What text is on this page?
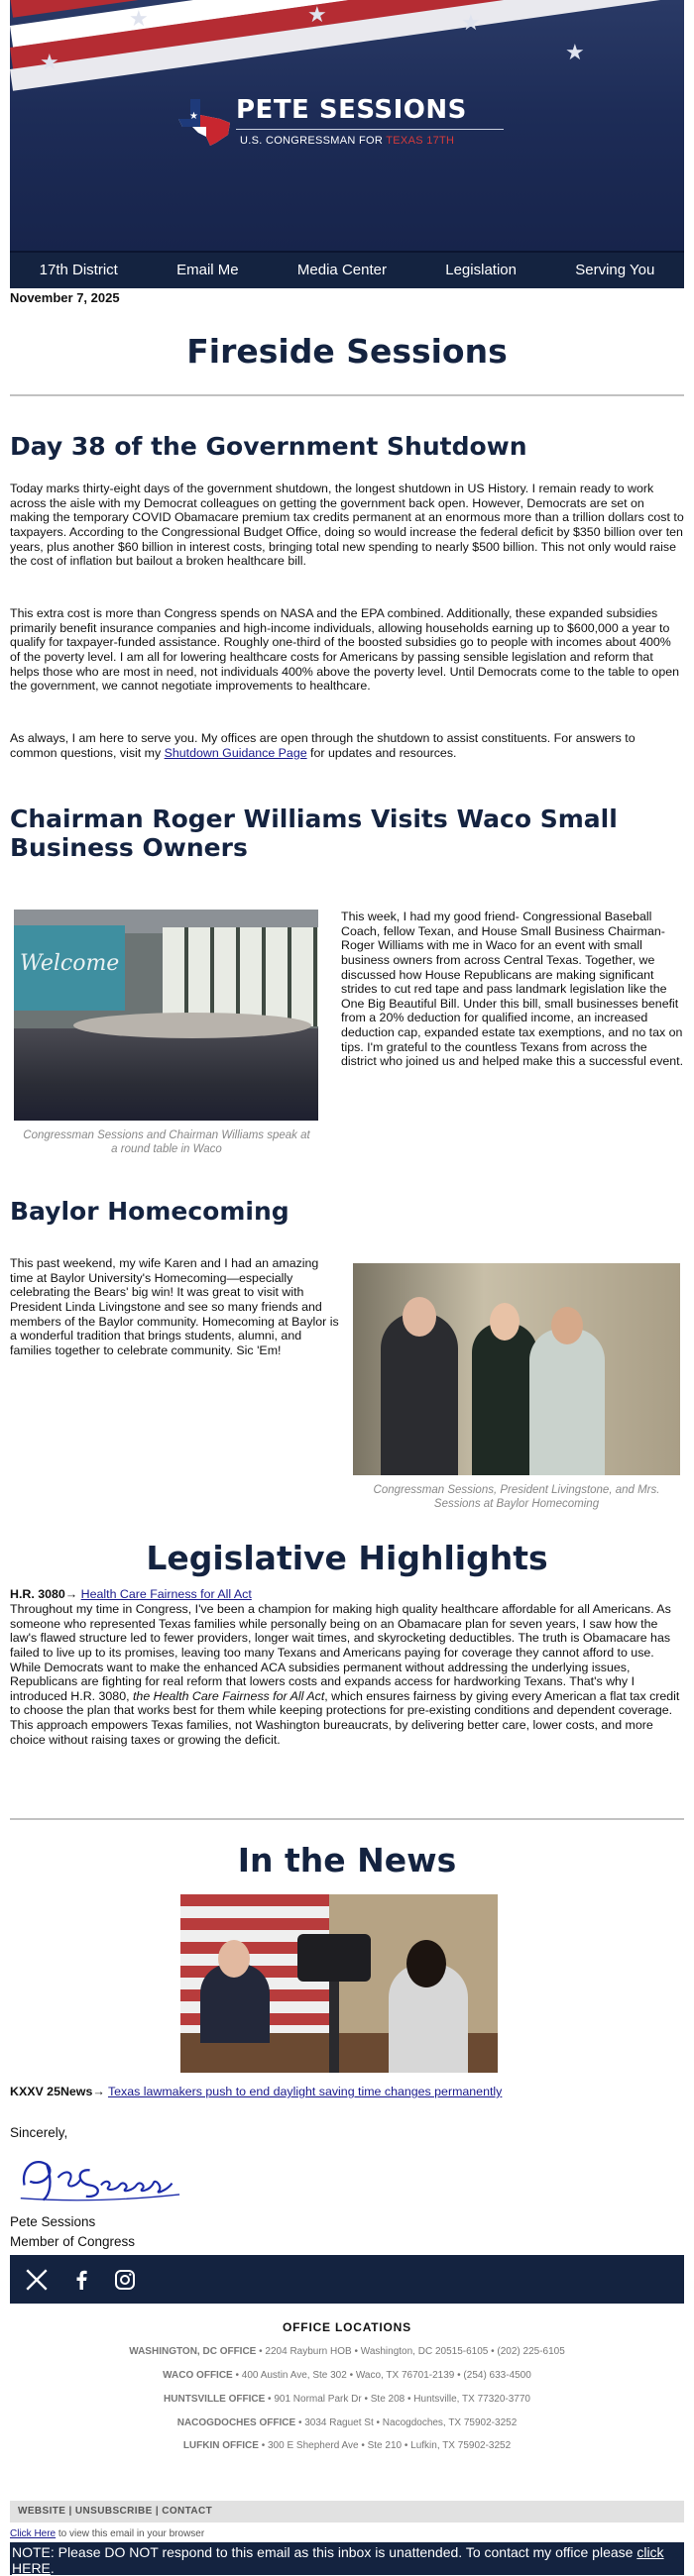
★	★	★
★
★
★ PETE SESSIONS
U.S. CONGRESSMAN FOR TEXAS 17TH
17th District	Email Me	Media Center	Legislation	Serving You
November 7, 2025
Fireside Sessions
Day 38 of the Government Shutdown

Today marks thirty-eight days of the government shutdown, the longest shutdown in US History. I remain ready to work across the aisle with my Democrat colleagues on getting the government back open. However, Democrats are set on making the temporary COVID Obamacare premium tax credits permanent at an enormous more than a trillion dollars cost to taxpayers. According to the Congressional Budget Office, doing so would increase the federal deficit by $350 billion over ten years, plus another $60 billion in interest costs, bringing total new spending to nearly $500 billion. This not only would raise the cost of inflation but bailout a broken healthcare bill.

This extra cost is more than Congress spends on NASA and the EPA combined. Additionally, these expanded subsidies primarily benefit insurance companies and high-income individuals, allowing households earning up to $600,000 a year to qualify for taxpayer-funded assistance. Roughly one-third of the boosted subsidies go to people with incomes about 400% of the poverty level. I am all for lowering healthcare costs for Americans by passing sensible legislation and reform that helps those who are most in need, not individuals 400% above the poverty level. Until Democrats come to the table to open the government, we cannot negotiate improvements to healthcare.

As always, I am here to serve you. My offices are open through the shutdown to assist constituents. For answers to common questions, visit my Shutdown Guidance Page for updates and resources.

Chairman Roger Williams Visits Waco Small Business Owners
Welcome
Congressman Sessions and Chairman Williams speak at a round table in Waco

This week, I had my good friend- Congressional Baseball Coach, fellow Texan, and House Small Business Chairman- Roger Williams with me in Waco for an event with small business owners from across Central Texas. Together, we discussed how House Republicans are making significant strides to cut red tape and pass landmark legislation like the One Big Beautiful Bill. Under this bill, small businesses benefit from a 20% deduction for qualified income, an increased deduction cap, expanded estate tax exemptions, and no tax on tips. I'm grateful to the countless Texans from across the district who joined us and helped make this a successful event.

Baylor Homecoming

This past weekend, my wife Karen and I had an amazing time at Baylor University's Homecoming—especially celebrating the Bears' big win! It was great to visit with President Linda Livingstone and see so many friends and members of the Baylor community. Homecoming at Baylor is a wonderful tradition that brings students, alumni, and families together to celebrate community. Sic 'Em!

Congressman Sessions, President Livingstone, and Mrs. Sessions at Baylor Homecoming
Legislative Highlights

H.R. 3080→ Health Care Fairness for All Act

Throughout my time in Congress, I've been a champion for making high quality healthcare affordable for all Americans. As someone who represented Texas families while personally being on an Obamacare plan for seven years, I saw how the law's flawed structure led to fewer providers, longer wait times, and skyrocketing deductibles. The truth is Obamacare has failed to live up to its promises, leaving too many Texans and Americans paying for coverage they cannot afford to use. While Democrats want to make the enhanced ACA subsidies permanent without addressing the underlying issues, Republicans are fighting for real reform that lowers costs and expands access for hardworking Texans. That's why I introduced H.R. 3080, the Health Care Fairness for All Act, which ensures fairness by giving every American a flat tax credit to choose the plan that works best for them while keeping protections for pre-existing conditions and dependent coverage. This approach empowers Texas families, not Washington bureaucrats, by delivering better care, lower costs, and more choice without raising taxes or growing the deficit.

In the News

KXXV 25News→ Texas lawmakers push to end daylight saving time changes permanently

Sincerely,

Pete Sessions

Member of Congress

OFFICE LOCATIONS
WASHINGTON, DC OFFICE • 2204 Rayburn HOB • Washington, DC 20515-6105 • (202) 225-6105
WACO OFFICE • 400 Austin Ave, Ste 302 • Waco, TX 76701-2139 • (254) 633-4500
HUNTSVILLE OFFICE • 901 Normal Park Dr • Ste 208 • Huntsville, TX 77320-3770
NACOGDOCHES OFFICE • 3034 Raguet St • Nacogdoches, TX 75902-3252
LUFKIN OFFICE • 300 E Shepherd Ave • Ste 210 • Lufkin, TX 75902-3252
WEBSITE | UNSUBSCRIBE | CONTACT
Click Here to view this email in your browser
NOTE: Please DO NOT respond to this email as this inbox is unattended. To contact my office please click HERE.
